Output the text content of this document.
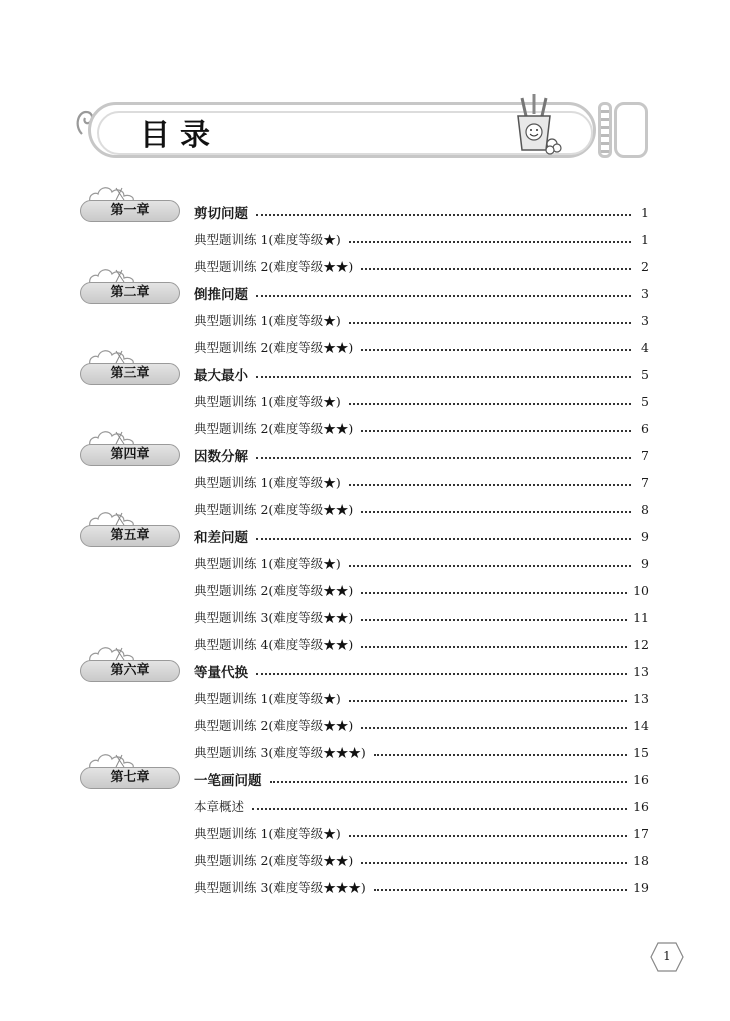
目录
第一章
第二章
第三章
第四章
第五章
第六章
第七章
剪切问题	1
典型题训练 1(难度等级★)	1
典型题训练 2(难度等级★★)	2
倒推问题	3
典型题训练 1(难度等级★)	3
典型题训练 2(难度等级★★)	4
最大最小	5
典型题训练 1(难度等级★)	5
典型题训练 2(难度等级★★)	6
因数分解	7
典型题训练 1(难度等级★)	7
典型题训练 2(难度等级★★)	8
和差问题	9
典型题训练 1(难度等级★)	9
典型题训练 2(难度等级★★)	10
典型题训练 3(难度等级★★)	11
典型题训练 4(难度等级★★)	12
等量代换	13
典型题训练 1(难度等级★)	13
典型题训练 2(难度等级★★)	14
典型题训练 3(难度等级★★★)	15
一笔画问题	16
本章概述	16
典型题训练 1(难度等级★)	17
典型题训练 2(难度等级★★)	18
典型题训练 3(难度等级★★★)	19
1
